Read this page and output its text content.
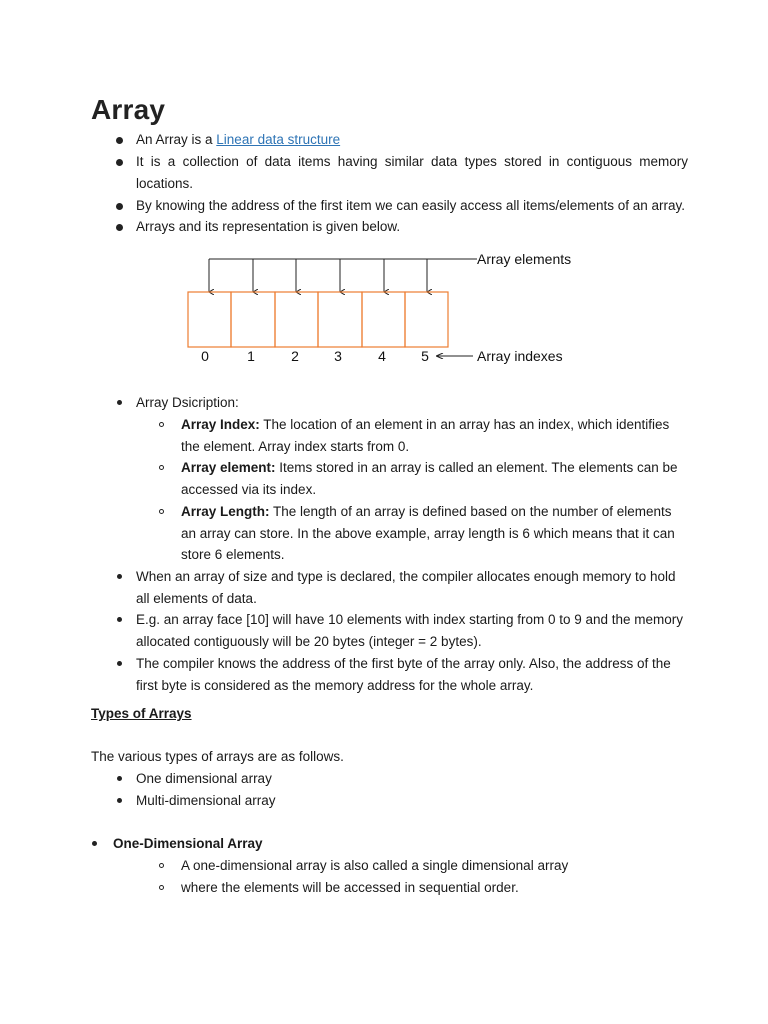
Array
An Array is a Linear data structure
It is a collection of data items having similar data types stored in contiguous memory locations.
By knowing the address of the first item we can easily access all items/elements of an array.
Arrays and its representation is given below.
Array elements
0	1	2	3	4	5	Array indexes
Array Dsicription:
Array Index: The location of an element in an array has an index, which identifies the element. Array index starts from 0.
Array element: Items stored in an array is called an element. The elements can be accessed via its index.
Array Length: The length of an array is defined based on the number of elements an array can store. In the above example, array length is 6 which means that it can store 6 elements.
When an array of size and type is declared, the compiler allocates enough memory to hold all elements of data.
E.g. an array face [10] will have 10 elements with index starting from 0 to 9 and the memory allocated contiguously will be 20 bytes (integer = 2 bytes).
The compiler knows the address of the first byte of the array only. Also, the address of the first byte is considered as the memory address for the whole array.
Types of Arrays
The various types of arrays are as follows.
One dimensional array
Multi-dimensional array
One-Dimensional Array
A one-dimensional array is also called a single dimensional array
where the elements will be accessed in sequential order.
